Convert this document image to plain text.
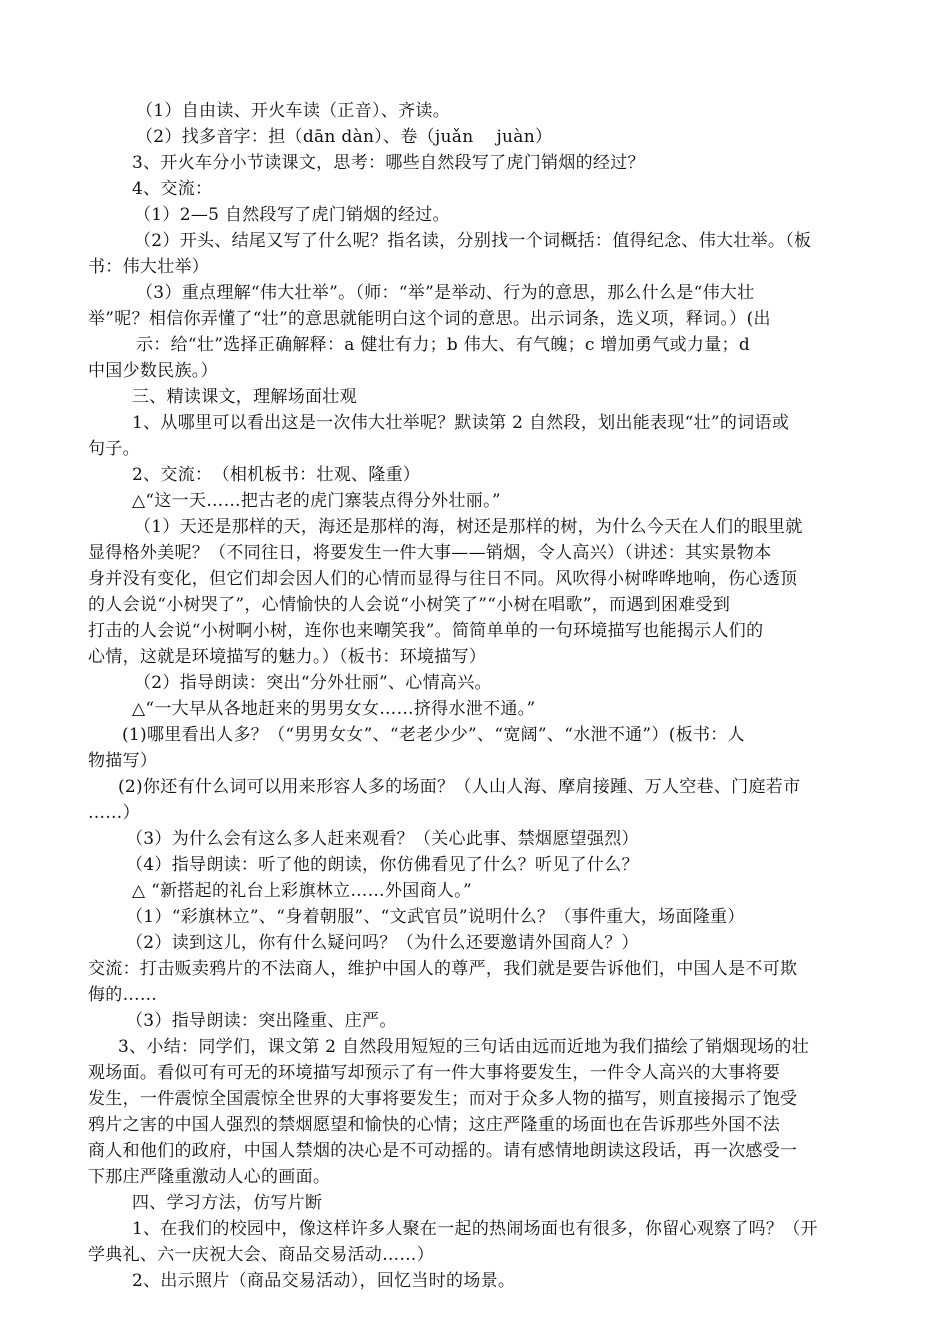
（1）自由读、开火车读（正音）、齐读。
（2）找多音字：担（dān dàn）、卷（juǎn　 juàn）
3、开火车分小节读课文，思考：哪些自然段写了虎门销烟的经过？
4、交流：
（1）2—5 自然段写了虎门销烟的经过。
（2）开头、结尾又写了什么呢？指名读，分别找一个词概括：值得纪念、伟大壮举。（板
书：伟大壮举）
（3）重点理解“伟大壮举”。（师：“举”是举动、行为的意思，那么什么是“伟大壮
举”呢？相信你弄懂了“壮”的意思就能明白这个词的意思。出示词条，选义项，释词。）(出
示：给“壮”选择正确解释：a 健壮有力；b 伟大、有气魄；c 增加勇气或力量；d
中国少数民族。）
三、精读课文，理解场面壮观
1、从哪里可以看出这是一次伟大壮举呢？默读第 2 自然段，划出能表现“壮”的词语或
句子。
2、交流：　（相机板书：壮观、隆重）
△“这一天……把古老的虎门寨装点得分外壮丽。”
（1）天还是那样的天，海还是那样的海，树还是那样的树，为什么今天在人们的眼里就
显得格外美呢？（不同往日，将要发生一件大事——销烟，令人高兴）（讲述：其实景物本
身并没有变化，但它们却会因人们的心情而显得与往日不同。风吹得小树哗哗地响，伤心透顶
的人会说“小树哭了”，心情愉快的人会说“小树笑了”“小树在唱歌”，而遇到困难受到
打击的人会说“小树啊小树，连你也来嘲笑我”。简简单单的一句环境描写也能揭示人们的
心情，这就是环境描写的魅力。）（板书：环境描写）
（2）指导朗读：突出“分外壮丽”、心情高兴。
△“一大早从各地赶来的男男女女……挤得水泄不通。”
(1)哪里看出人多？（“男男女女”、“老老少少”、“宽阔”、“水泄不通”）(板书：人
物描写）
(2)你还有什么词可以用来形容人多的场面？（人山人海、摩肩接踵、万人空巷、门庭若市
……）
（3）为什么会有这么多人赶来观看？（关心此事、禁烟愿望强烈）
（4）指导朗读：听了他的朗读，你仿佛看见了什么？听见了什么？
△ “新搭起的礼台上彩旗林立……外国商人。”
（1）“彩旗林立”、“身着朝服”、“文武官员”说明什么？（事件重大，场面隆重）
（2）读到这儿，你有什么疑问吗？（为什么还要邀请外国商人？）
交流：打击贩卖鸦片的不法商人，维护中国人的尊严，我们就是要告诉他们，中国人是不可欺
侮的……
（3）指导朗读：突出隆重、庄严。
3、小结：同学们，课文第 2 自然段用短短的三句话由远而近地为我们描绘了销烟现场的壮
观场面。看似可有可无的环境描写却预示了有一件大事将要发生，一件令人高兴的大事将要
发生，一件震惊全国震惊全世界的大事将要发生；而对于众多人物的描写，则直接揭示了饱受
鸦片之害的中国人强烈的禁烟愿望和愉快的心情；这庄严隆重的场面也在告诉那些外国不法
商人和他们的政府，中国人禁烟的决心是不可动摇的。请有感情地朗读这段话，再一次感受一
下那庄严隆重激动人心的画面。
四、学习方法，仿写片断
1、在我们的校园中，像这样许多人聚在一起的热闹场面也有很多，你留心观察了吗？（开
学典礼、六一庆祝大会、商品交易活动……）
2、出示照片（商品交易活动），回忆当时的场景。
